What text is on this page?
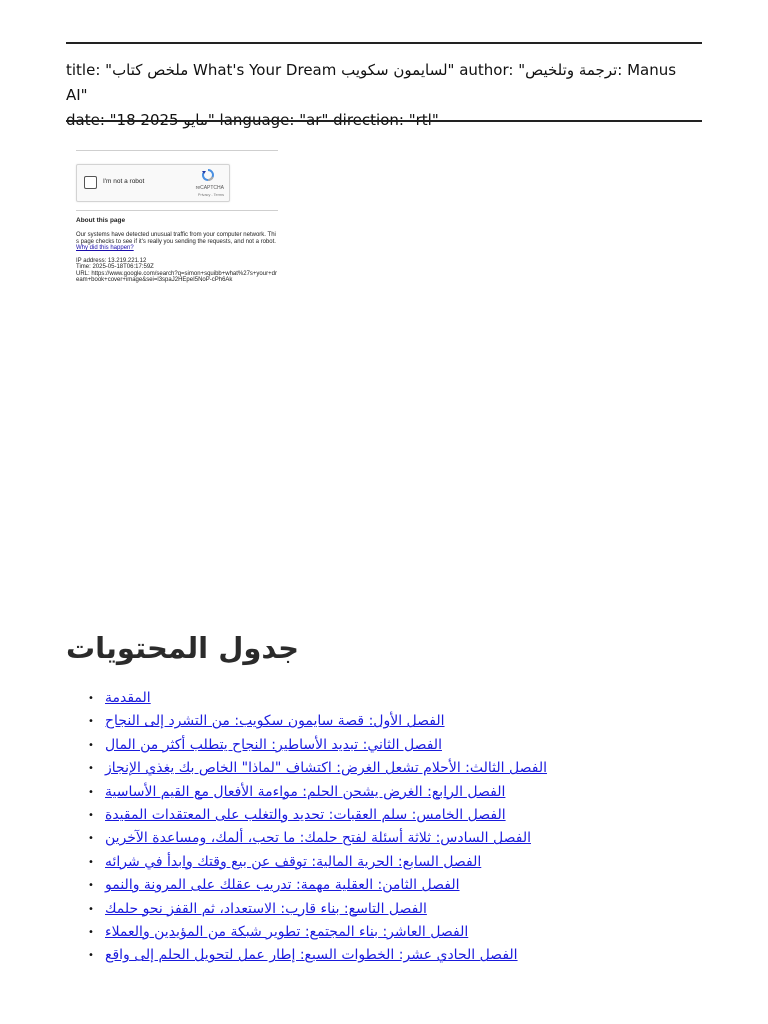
title: "ملخص كتاب What's Your Dream لسايمون سكويب" author: "ترجمة وتلخيص: Manus AI"
date: "18 مايو 2025" language: "ar" direction: "rtl"
I'm not a robot
reCAPTCHA
Privacy - Terms
About this page
Our systems have detected unusual traffic from your computer network. This page checks to see if it's really you sending the requests, and not a robot. Why did this happen?
IP address: 13.219.221.12
Time: 2025-05-18T06:17:59Z
URL: https://www.google.com/search?q=simon+squibb+what%27s+your+dream+book+cover+image&sei=l3spaJ2HEpeI5NoP-cPh6Ak
جدول المحتويات
• المقدمة
• الفصل الأول: قصة سايمون سكويب: من التشرد إلى النجاح
• الفصل الثاني: تبديد الأساطير: النجاح يتطلب أكثر من المال
• الفصل الثالث: الأحلام تشعل الغرض: اكتشاف "لماذا" الخاص بك يغذي الإنجاز
• الفصل الرابع: الغرض يشحن الحلم: مواءمة الأفعال مع القيم الأساسية
• الفصل الخامس: سلم العقبات: تحديد والتغلب على المعتقدات المقيدة
• الفصل السادس: ثلاثة أسئلة لفتح حلمك: ما تحب، ألمك، ومساعدة الآخرين
• الفصل السابع: الحرية المالية: توقف عن بيع وقتك وابدأ في شرائه
• الفصل الثامن: العقلية مهمة: تدريب عقلك على المرونة والنمو
• الفصل التاسع: بناء قارب: الاستعداد، ثم القفز نحو حلمك
• الفصل العاشر: بناء المجتمع: تطوير شبكة من المؤيدين والعملاء
• الفصل الحادي عشر: الخطوات السبع: إطار عمل لتحويل الحلم إلى واقع
